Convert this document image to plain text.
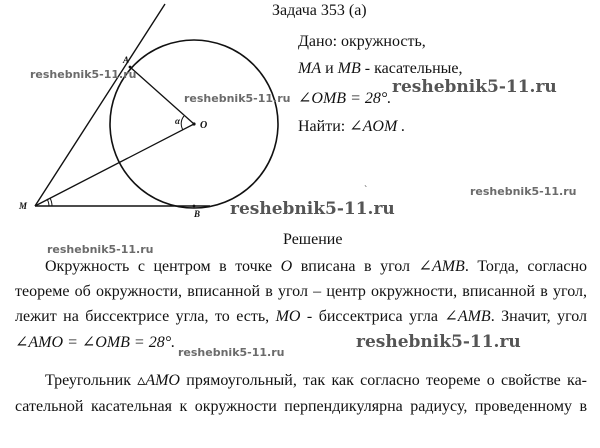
A
O
α
M
B
`
Задача 353 (а)
Дано: окружность,
MA и MB - касательные,
∠OMB = 28°.
Найти: ∠AOM .
reshebnik5-11.ru
reshebnik5-11.ru
reshebnik5-11.ru
reshebnik5-11.ru
reshebnik5-11.ru
reshebnik5-11.ru
reshebnik5-11.ru
reshebnik5-11.ru
Решение
Окружность с центром в точке O вписана в угол ∠AMB. Тогда, согласно
теореме об окружности, вписанной в угол – центр окружности, вписанной в угол,
лежит на биссектрисе угла, то есть, MO - биссектриса угла ∠AMB. Значит, угол
∠AMO = ∠OMB = 28°.
Треугольник ▵AMO прямоугольный, так как согласно теореме о свойстве ка-
сательной касательная к окружности перпендикулярна радиусу, проведенному в
